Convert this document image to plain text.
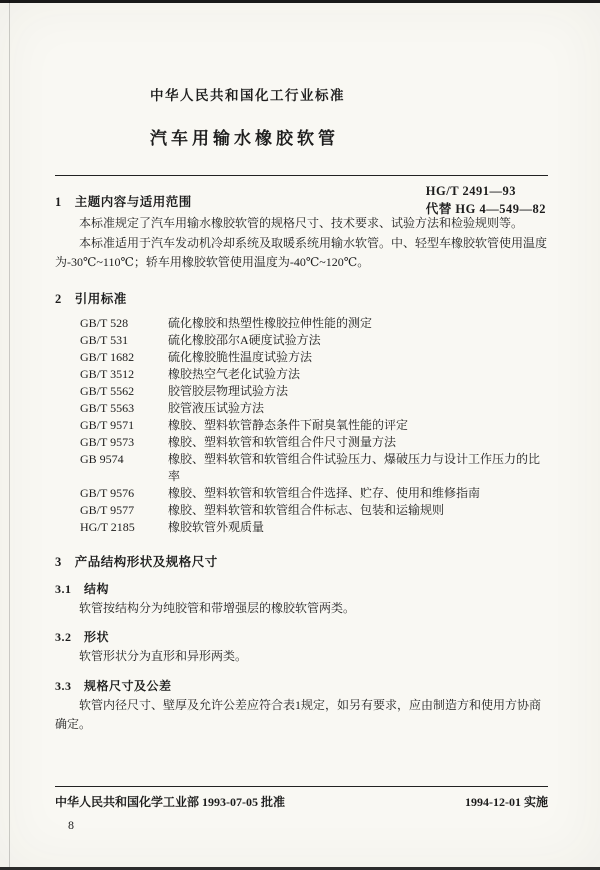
中华人民共和国化工行业标准
HG/T 2491—93
代替 HG 4—549—82
汽车用输水橡胶软管
1　主题内容与适用范围

本标准规定了汽车用输水橡胶软管的规格尺寸、技术要求、试验方法和检验规则等。

本标准适用于汽车发动机冷却系统及取暖系统用输水软管。中、轻型车橡胶软管使用温度为-30℃~110℃；轿车用橡胶软管使用温度为-40℃~120℃。

2　引用标准
GB/T 528	硫化橡胶和热塑性橡胶拉伸性能的测定
GB/T 531	硫化橡胶邵尔A硬度试验方法
GB/T 1682	硫化橡胶脆性温度试验方法
GB/T 3512	橡胶热空气老化试验方法
GB/T 5562	胶管胶层物理试验方法
GB/T 5563	胶管液压试验方法
GB/T 9571	橡胶、塑料软管静态条件下耐臭氧性能的评定
GB/T 9573	橡胶、塑料软管和软管组合件尺寸测量方法
GB 9574	橡胶、塑料软管和软管组合件试验压力、爆破压力与设计工作压力的比率
GB/T 9576	橡胶、塑料软管和软管组合件选择、贮存、使用和维修指南
GB/T 9577	橡胶、塑料软管和软管组合件标志、包装和运输规则
HG/T 2185	橡胶软管外观质量
3　产品结构形状及规格尺寸
3.1　结构

软管按结构分为纯胶管和带增强层的橡胶软管两类。

3.2　形状

软管形状分为直形和异形两类。

3.3　规格尺寸及公差

软管内径尺寸、壁厚及允许公差应符合表1规定，如另有要求，应由制造方和使用方协商确定。

中华人民共和国化学工业部 1993-07-05 批准	1994-12-01 实施
8
